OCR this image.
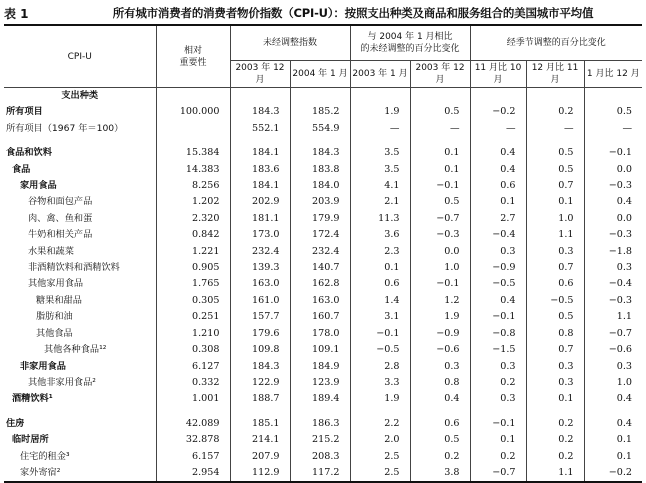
表 1	所有城市消费者的消费者物价指数（CPI-U）：按照支出种类及商品和服务组合的美国城市平均值
CPI-U	相对
重要性	未经调整指数		与 2004 年 1 月相比
的未经调整的百分比变化		经季节调整的百分比变化		
		2003 年 12 月	2004 年 1 月	2003 年 1 月	2003 年 12 月	11 月比 10 月	12 月比 11 月	1 月比 12 月
支出种类								
所有项目	100.000	184.3	185.2	1.9	0.5	−0.2	0.2	0.5
所有项目（1967 年＝100）		552.1	554.9	—	—	—	—	—

食品和饮料	15.384	184.1	184.3	3.5	0.1	0.4	0.5	−0.1
食品	14.383	183.6	183.8	3.5	0.1	0.4	0.5	0.0
家用食品	8.256	184.1	184.0	4.1	−0.1	0.6	0.7	−0.3
谷物和面包产品	1.202	202.9	203.9	2.1	0.5	0.1	0.1	0.4
肉、禽、鱼和蛋	2.320	181.1	179.9	11.3	−0.7	2.7	1.0	0.0
牛奶和相关产品	0.842	173.0	172.4	3.6	−0.3	−0.4	1.1	−0.3
水果和蔬菜	1.221	232.4	232.4	2.3	0.0	0.3	0.3	−1.8
非酒精饮料和酒精饮料	0.905	139.3	140.7	0.1	1.0	−0.9	0.7	0.3
其他家用食品	1.765	163.0	162.8	0.6	−0.1	−0.5	0.6	−0.4
糖果和甜品	0.305	161.0	163.0	1.4	1.2	0.4	−0.5	−0.3
脂肪和油	0.251	157.7	160.7	3.1	1.9	−0.1	0.5	1.1
其他食品	1.210	179.6	178.0	−0.1	−0.9	−0.8	0.8	−0.7
其他各种食品¹²	0.308	109.8	109.1	−0.5	−0.6	−1.5	0.7	−0.6
非家用食品	6.127	184.3	184.9	2.8	0.3	0.3	0.3	0.3
其他非家用食品²	0.332	122.9	123.9	3.3	0.8	0.2	0.3	1.0
酒精饮料¹	1.001	188.7	189.4	1.9	0.4	0.3	0.1	0.4

住房	42.089	185.1	186.3	2.2	0.6	−0.1	0.2	0.4
临时居所	32.878	214.1	215.2	2.0	0.5	0.1	0.2	0.1
住宅的租金³	6.157	207.9	208.3	2.5	0.2	0.2	0.2	0.1
家外寄宿²	2.954	112.9	117.2	2.5	3.8	−0.7	1.1	−0.2
